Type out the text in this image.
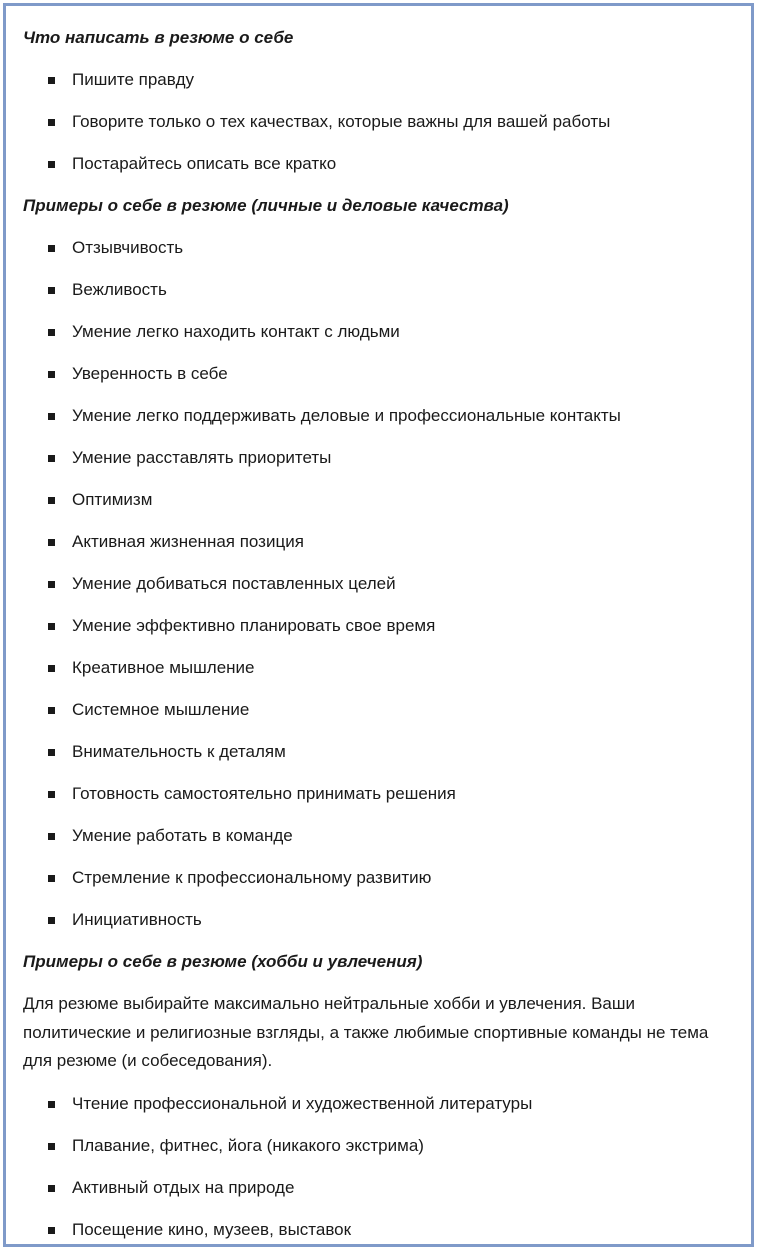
Что написать в резюме о себе
Пишите правду
Говорите только о тех качествах, которые важны для вашей работы
Постарайтесь описать все кратко
Примеры о себе в резюме (личные и деловые качества)
Отзывчивость
Вежливость
Умение легко находить контакт с людьми
Уверенность в себе
Умение легко поддерживать деловые и профессиональные контакты
Умение расставлять приоритеты
Оптимизм
Активная жизненная позиция
Умение добиваться поставленных целей
Умение эффективно планировать свое время
Креативное мышление
Системное мышление
Внимательность к деталям
Готовность самостоятельно принимать решения
Умение работать в команде
Стремление к профессиональному развитию
Инициативность
Примеры о себе в резюме (хобби и увлечения)

Для резюме выбирайте максимально нейтральные хобби и увлечения. Ваши политические и религиозные взгляды, а также любимые спортивные команды не тема для резюме (и собеседования).

Чтение профессиональной и художественной литературы
Плавание, фитнес, йога (никакого экстрима)
Активный отдых на природе
Посещение кино, музеев, выставок
